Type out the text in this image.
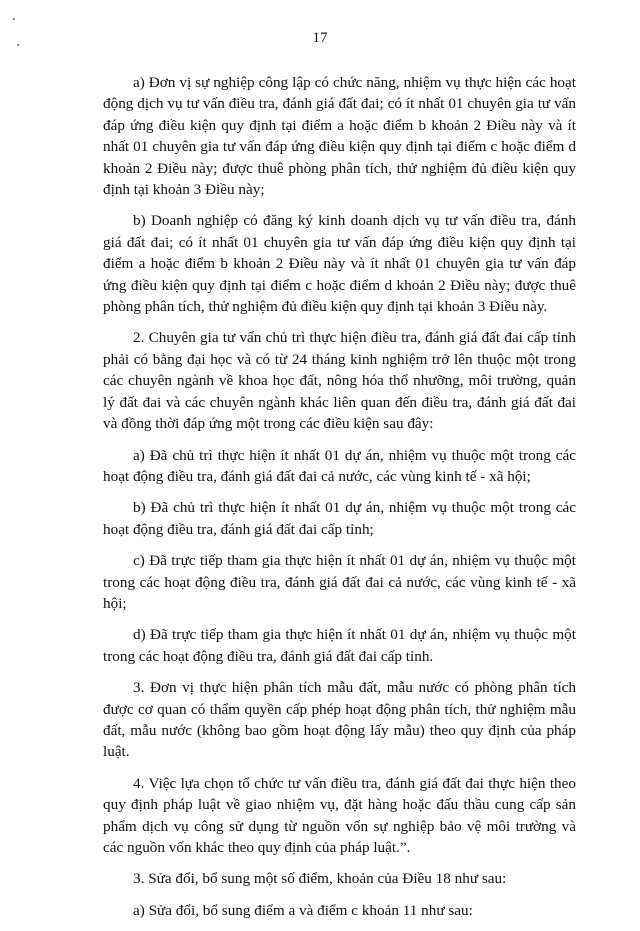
17

a) Đơn vị sự nghiệp công lập có chức năng, nhiệm vụ thực hiện các hoạt động dịch vụ tư vấn điều tra, đánh giá đất đai; có ít nhất 01 chuyên gia tư vấn đáp ứng điều kiện quy định tại điểm a hoặc điểm b khoản 2 Điều này và ít nhất 01 chuyên gia tư vấn đáp ứng điều kiện quy định tại điểm c hoặc điểm d khoản 2 Điều này; được thuê phòng phân tích, thử nghiệm đủ điều kiện quy định tại khoản 3 Điều này;

b) Doanh nghiệp có đăng ký kinh doanh dịch vụ tư vấn điều tra, đánh giá đất đai; có ít nhất 01 chuyên gia tư vấn đáp ứng điều kiện quy định tại điểm a hoặc điểm b khoản 2 Điều này và ít nhất 01 chuyên gia tư vấn đáp ứng điều kiện quy định tại điểm c hoặc điểm d khoản 2 Điều này; được thuê phòng phân tích, thử nghiệm đủ điều kiện quy định tại khoản 3 Điều này.

2. Chuyên gia tư vấn chủ trì thực hiện điều tra, đánh giá đất đai cấp tỉnh phải có bằng đại học và có từ 24 tháng kinh nghiệm trở lên thuộc một trong các chuyên ngành về khoa học đất, nông hóa thổ nhưỡng, môi trường, quản lý đất đai và các chuyên ngành khác liên quan đến điều tra, đánh giá đất đai và đồng thời đáp ứng một trong các điều kiện sau đây:

a) Đã chủ trì thực hiện ít nhất 01 dự án, nhiệm vụ thuộc một trong các hoạt động điều tra, đánh giá đất đai cả nước, các vùng kinh tế - xã hội;

b) Đã chủ trì thực hiện ít nhất 01 dự án, nhiệm vụ thuộc một trong các hoạt động điều tra, đánh giá đất đai cấp tỉnh;

c) Đã trực tiếp tham gia thực hiện ít nhất 01 dự án, nhiệm vụ thuộc một trong các hoạt động điều tra, đánh giá đất đai cả nước, các vùng kinh tế - xã hội;

d) Đã trực tiếp tham gia thực hiện ít nhất 01 dự án, nhiệm vụ thuộc một trong các hoạt động điều tra, đánh giá đất đai cấp tỉnh.

3. Đơn vị thực hiện phân tích mẫu đất, mẫu nước có phòng phân tích được cơ quan có thẩm quyền cấp phép hoạt động phân tích, thử nghiệm mẫu đất, mẫu nước (không bao gồm hoạt động lấy mẫu) theo quy định của pháp luật.

4. Việc lựa chọn tổ chức tư vấn điều tra, đánh giá đất đai thực hiện theo quy định pháp luật về giao nhiệm vụ, đặt hàng hoặc đấu thầu cung cấp sản phẩm dịch vụ công sử dụng từ nguồn vốn sự nghiệp bảo vệ môi trường và các nguồn vốn khác theo quy định của pháp luật.”.

3. Sửa đổi, bổ sung một số điểm, khoản của Điều 18 như sau:

a) Sửa đổi, bổ sung điểm a và điểm c khoản 11 như sau:
